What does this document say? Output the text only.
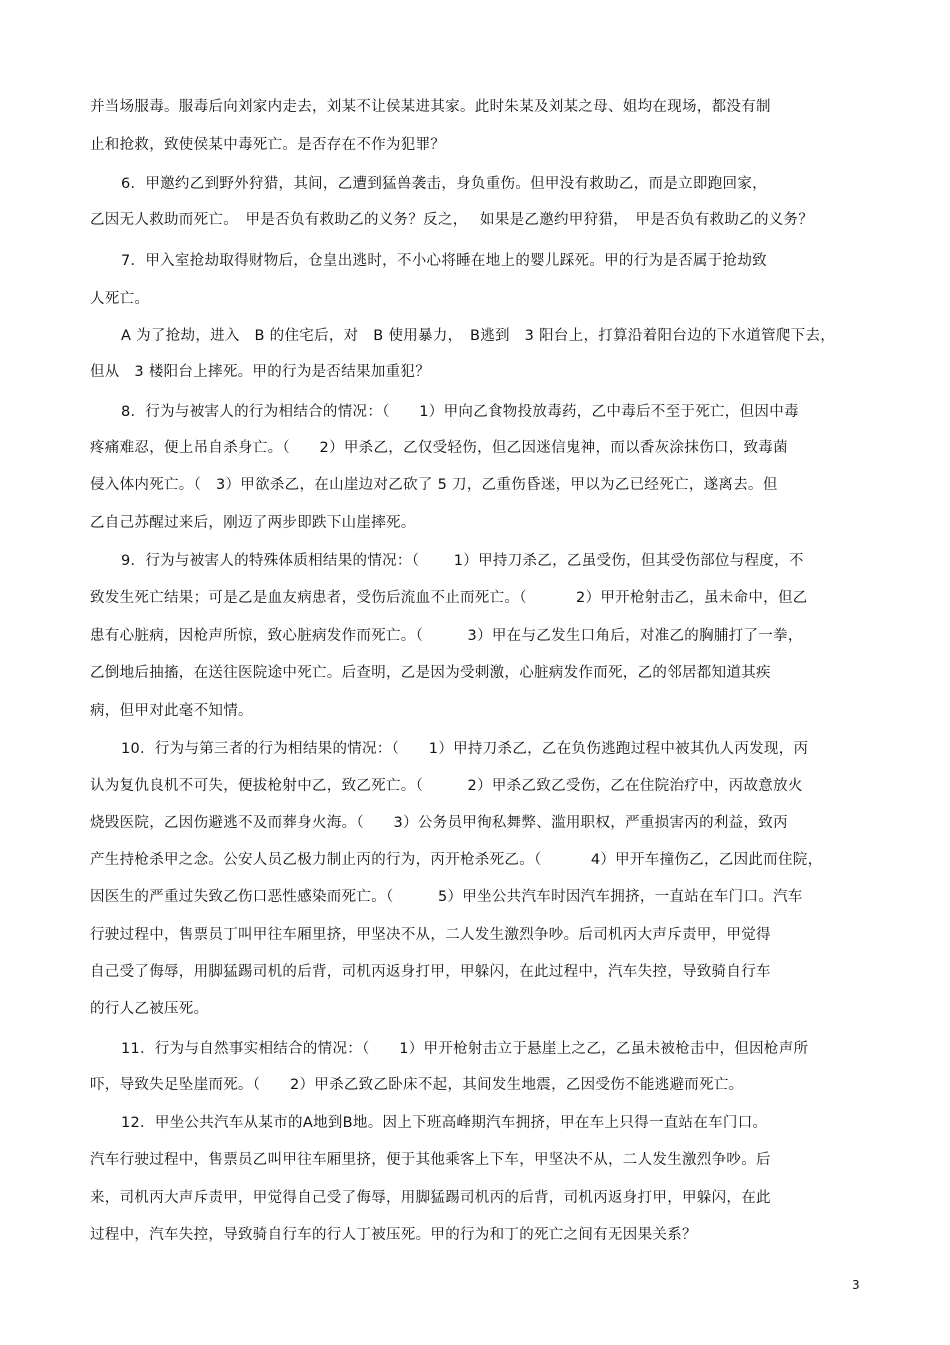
并当场服毒。服毒后向刘家内走去，刘某不让侯某进其家。此时朱某及刘某之母、姐均在现场，都没有制
止和抢救，致使侯某中毒死亡。是否存在不作为犯罪？
6．甲邀约乙到野外狩猎，其间，乙遭到猛兽袭击，身负重伤。但甲没有救助乙，而是立即跑回家，
乙因无人救助而死亡。　甲是否负有救助乙的义务？反之，　 如果是乙邀约甲狩猎，　甲是否负有救助乙的义务？
7．甲入室抢劫取得财物后，仓皇出逃时，不小心将睡在地上的婴儿踩死。甲的行为是否属于抢劫致
人死亡。
A 为了抢劫，进入　B 的住宅后，对　B 使用暴力，　B逃到　3 阳台上，打算沿着阳台边的下水道管爬下去，
但从　3 楼阳台上摔死。甲的行为是否结果加重犯？
8．行为与被害人的行为相结合的情况：（　　1）甲向乙食物投放毒药，乙中毒后不至于死亡，但因中毒
疼痛难忍，便上吊自杀身亡。（　　2）甲杀乙，乙仅受轻伤，但乙因迷信鬼神，而以香灰涂抹伤口，致毒菌
侵入体内死亡。（　3）甲欲杀乙，在山崖边对乙砍了 5 刀，乙重伤昏迷，甲以为乙已经死亡，遂离去。但
乙自己苏醒过来后，刚迈了两步即跌下山崖摔死。
9．行为与被害人的特殊体质相结果的情况：（　　 1）甲持刀杀乙，乙虽受伤，但其受伤部位与程度，不
致发生死亡结果；可是乙是血友病患者，受伤后流血不止而死亡。（　　　 2）甲开枪射击乙，虽未命中，但乙
患有心脏病，因枪声所惊，致心脏病发作而死亡。（　　　3）甲在与乙发生口角后，对准乙的胸脯打了一拳，
乙倒地后抽搐，在送往医院途中死亡。后查明，乙是因为受刺激，心脏病发作而死，乙的邻居都知道其疾
病，但甲对此毫不知情。
10．行为与第三者的行为相结果的情况：（　　1）甲持刀杀乙，乙在负伤逃跑过程中被其仇人丙发现，丙
认为复仇良机不可失，便拔枪射中乙，致乙死亡。（　　　2）甲杀乙致乙受伤，乙在住院治疗中，丙故意放火
烧毁医院，乙因伤避逃不及而葬身火海。（　　3）公务员甲徇私舞弊、滥用职权，严重损害丙的利益，致丙
产生持枪杀甲之念。公安人员乙极力制止丙的行为，丙开枪杀死乙。（　　　 4）甲开车撞伤乙，乙因此而住院，
因医生的严重过失致乙伤口恶性感染而死亡。（　　　5）甲坐公共汽车时因汽车拥挤，一直站在车门口。汽车
行驶过程中，售票员丁叫甲往车厢里挤，甲坚决不从，二人发生激烈争吵。后司机丙大声斥责甲，甲觉得
自己受了侮辱，用脚猛踢司机的后背，司机丙返身打甲，甲躲闪，在此过程中，汽车失控，导致骑自行车
的行人乙被压死。
11．行为与自然事实相结合的情况：（　　1）甲开枪射击立于悬崖上之乙，乙虽未被枪击中，但因枪声所
吓，导致失足坠崖而死。（　　2）甲杀乙致乙卧床不起，其间发生地震，乙因受伤不能逃避而死亡。
12．甲坐公共汽车从某市的A地到B地。因上下班高峰期汽车拥挤，甲在车上只得一直站在车门口。
汽车行驶过程中，售票员乙叫甲往车厢里挤，便于其他乘客上下车，甲坚决不从，二人发生激烈争吵。后
来，司机丙大声斥责甲，甲觉得自己受了侮辱，用脚猛踢司机丙的后背，司机丙返身打甲，甲躲闪，在此
过程中，汽车失控，导致骑自行车的行人丁被压死。甲的行为和丁的死亡之间有无因果关系？
3
